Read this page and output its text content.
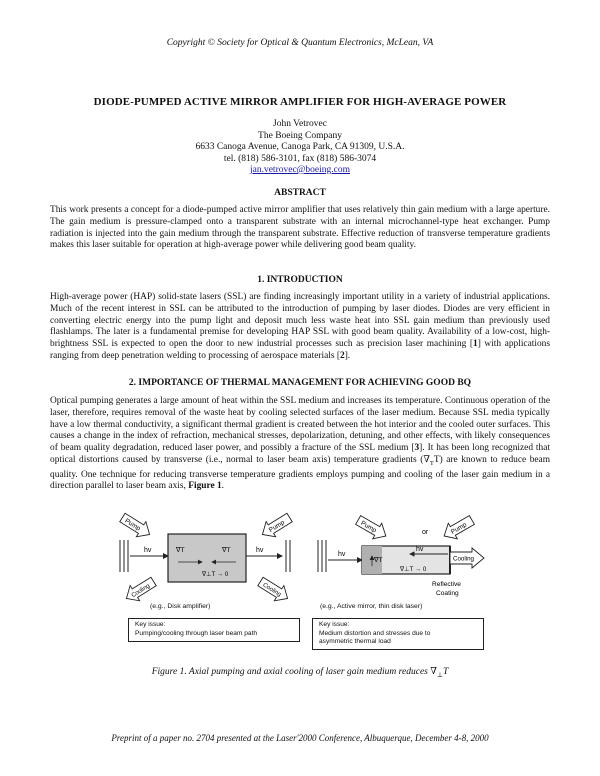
Copyright © Society for Optical & Quantum Electronics, McLean, VA
DIODE-PUMPED ACTIVE MIRROR AMPLIFIER FOR HIGH-AVERAGE POWER
John Vetrovec
The Boeing Company
6633 Canoga Avenue, Canoga Park, CA 91309, U.S.A.
tel. (818) 586-3101, fax (818) 586-3074
jan.vetrovec@boeing.com
ABSTRACT
This work presents a concept for a diode-pumped active mirror amplifier that uses relatively thin gain medium with a large aperture. The gain medium is pressure-clamped onto a transparent substrate with an internal microchannel-type heat exchanger. Pump radiation is injected into the gain medium through the transparent substrate. Effective reduction of transverse temperature gradients makes this laser suitable for operation at high-average power while delivering good beam quality.
1. INTRODUCTION
High-average power (HAP) solid-state lasers (SSL) are finding increasingly important utility in a variety of industrial applications. Much of the recent interest in SSL can be attributed to the introduction of pumping by laser diodes. Diodes are very efficient in converting electric energy into the pump light and deposit much less waste heat into SSL gain medium than previously used flashlamps. The later is a fundamental premise for developing HAP SSL with good beam quality. Availability of a low-cost, high-brightness SSL is expected to open the door to new industrial processes such as precision laser machining [1] with applications ranging from deep penetration welding to processing of aerospace materials [2].
2. IMPORTANCE OF THERMAL MANAGEMENT FOR ACHIEVING GOOD BQ
Optical pumping generates a large amount of heat within the SSL medium and increases its temperature. Continuous operation of the laser, therefore, requires removal of the waste heat by cooling selected surfaces of the laser medium. Because SSL media typically have a low thermal conductivity, a significant thermal gradient is created between the hot interior and the cooled outer surfaces. This causes a change in the index of refraction, mechanical stresses, depolarization, detuning, and other effects, with likely consequences of beam quality degradation, reduced laser power, and possibly a fracture of the SSL medium [3]. It has been long recognized that optical distortions caused by transverse (i.e., normal to laser beam axis) temperature gradients $(\nabla_TT)$ are known to reduce beam quality. One technique for reducing transverse temperature gradients employs pumping and cooling of the laser gain medium in a direction parallel to laser beam axis, Figure 1.
hv	∇T	∇T
∇⊥T → 0
hv
Pump	Pump
Cooling	Cooling
hv
hv
∇T
∇⊥T → 0
or
Pump	Pump
Cooling
Reflective
Coating
(e.g., Disk amplifier)	(e.g., Active mirror, thin disk laser)
Key issue:
Pumping/cooling through laser beam path
Key issue:
Medium distortion and stresses due to
asymmetric thermal load
Figure 1. Axial pumping and axial cooling of laser gain medium reduces $\nabla_\perp T$
Preprint of a paper no. 2704 presented at the Laser'2000 Conference, Albuquerque, December 4-8, 2000
